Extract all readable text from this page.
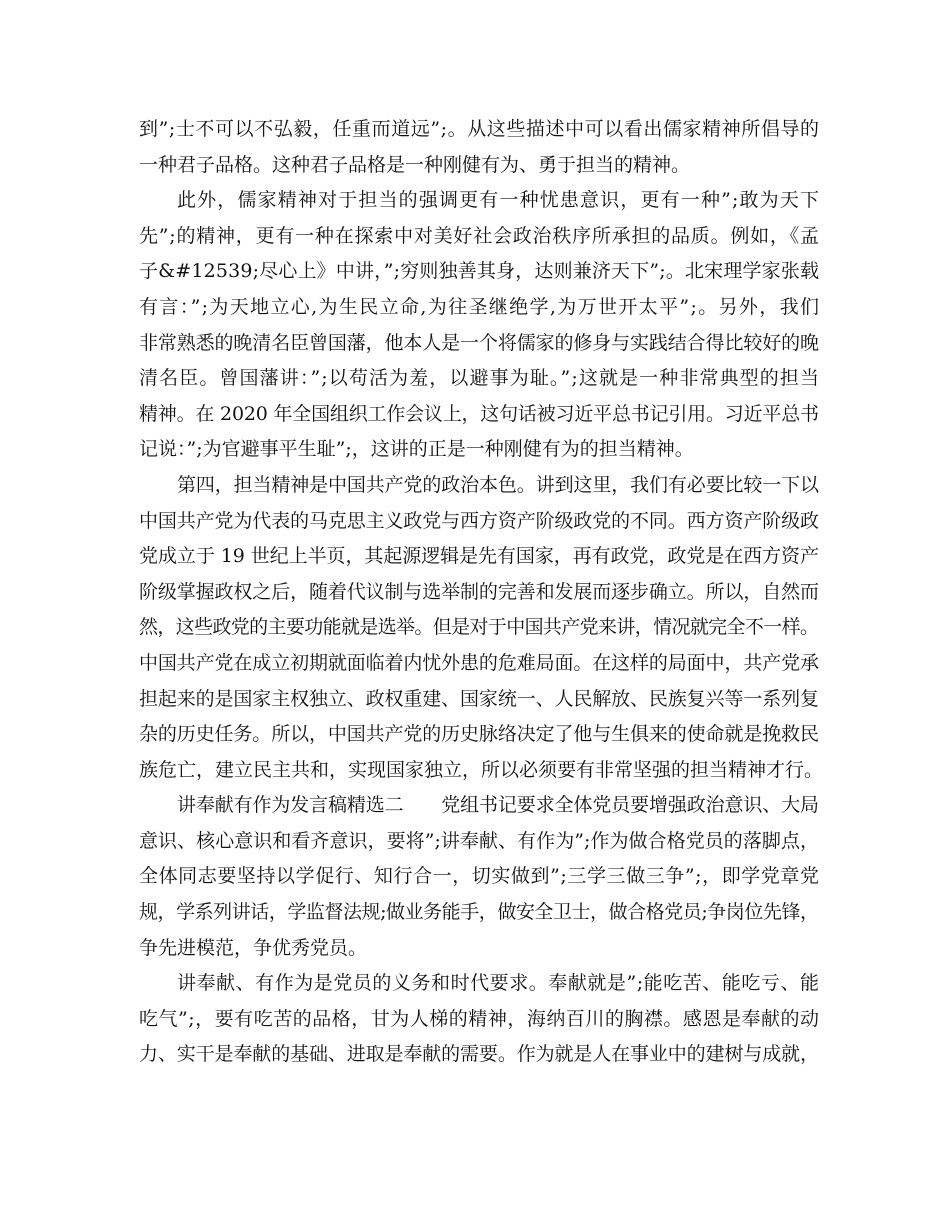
到”;士不可以不弘毅，任重而道远”;。从这些描述中可以看出儒家精神所倡导的
一种君子品格。这种君子品格是一种刚健有为、勇于担当的精神。
此外，儒家精神对于担当的强调更有一种忧患意识，更有一种”;敢为天下
先”;的精神，更有一种在探索中对美好社会政治秩序所承担的品质。例如，《孟
子&#12539;尽心上》中讲，”;穷则独善其身，达则兼济天下”;。北宋理学家张载
有言：”;为天地立心,为生民立命,为往圣继绝学,为万世开太平”;。另外，我们
非常熟悉的晚清名臣曾国藩，他本人是一个将儒家的修身与实践结合得比较好的晚
清名臣。曾国藩讲：”;以苟活为羞，以避事为耻。”;这就是一种非常典型的担当
精神。在 2020 年全国组织工作会议上，这句话被习近平总书记引用。习近平总书
记说：”;为官避事平生耻”;，这讲的正是一种刚健有为的担当精神。
第四，担当精神是中国共产党的政治本色。讲到这里，我们有必要比较一下以
中国共产党为代表的马克思主义政党与西方资产阶级政党的不同。西方资产阶级政
党成立于 19 世纪上半页，其起源逻辑是先有国家，再有政党，政党是在西方资产
阶级掌握政权之后，随着代议制与选举制的完善和发展而逐步确立。所以，自然而
然，这些政党的主要功能就是选举。但是对于中国共产党来讲，情况就完全不一样。
中国共产党在成立初期就面临着内忧外患的危难局面。在这样的局面中，共产党承
担起来的是国家主权独立、政权重建、国家统一、人民解放、民族复兴等一系列复
杂的历史任务。所以，中国共产党的历史脉络决定了他与生俱来的使命就是挽救民
族危亡，建立民主共和，实现国家独立，所以必须要有非常坚强的担当精神才行。
讲奉献有作为发言稿精选二　　党组书记要求全体党员要增强政治意识、大局
意识、核心意识和看齐意识，要将”;讲奉献、有作为”;作为做合格党员的落脚点，
全体同志要坚持以学促行、知行合一，切实做到”;三学三做三争”;，即学党章党
规，学系列讲话，学监督法规;做业务能手，做安全卫士，做合格党员;争岗位先锋，
争先进模范，争优秀党员。
讲奉献、有作为是党员的义务和时代要求。奉献就是”;能吃苦、能吃亏、能
吃气”;，要有吃苦的品格，甘为人梯的精神，海纳百川的胸襟。感恩是奉献的动
力、实干是奉献的基础、进取是奉献的需要。作为就是人在事业中的建树与成就，
